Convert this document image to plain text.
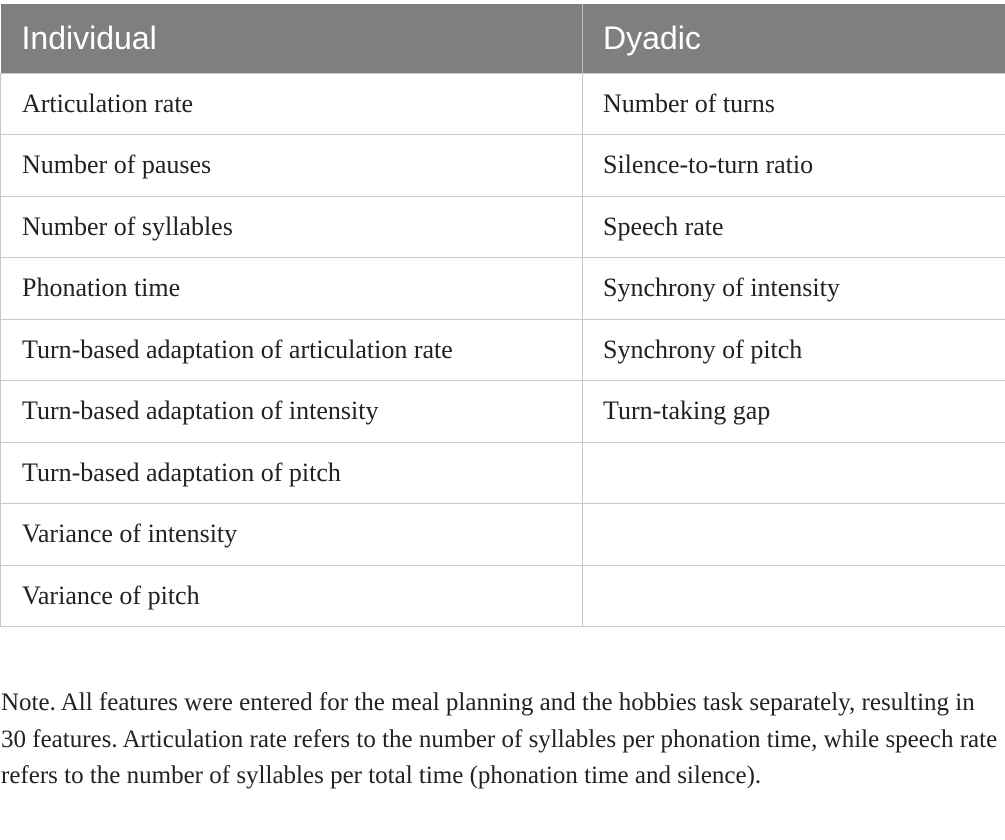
Individual	Dyadic
Articulation rate	Number of turns
Number of pauses	Silence-to-turn ratio
Number of syllables	Speech rate
Phonation time	Synchrony of intensity
Turn-based adaptation of articulation rate	Synchrony of pitch
Turn-based adaptation of intensity	Turn-taking gap
Turn-based adaptation of pitch	
Variance of intensity	
Variance of pitch	

Note. All features were entered for the meal planning and the hobbies task separately, resulting in 30 features. Articulation rate refers to the number of syllables per phonation time, while speech rate refers to the number of syllables per total time (phonation time and silence).
